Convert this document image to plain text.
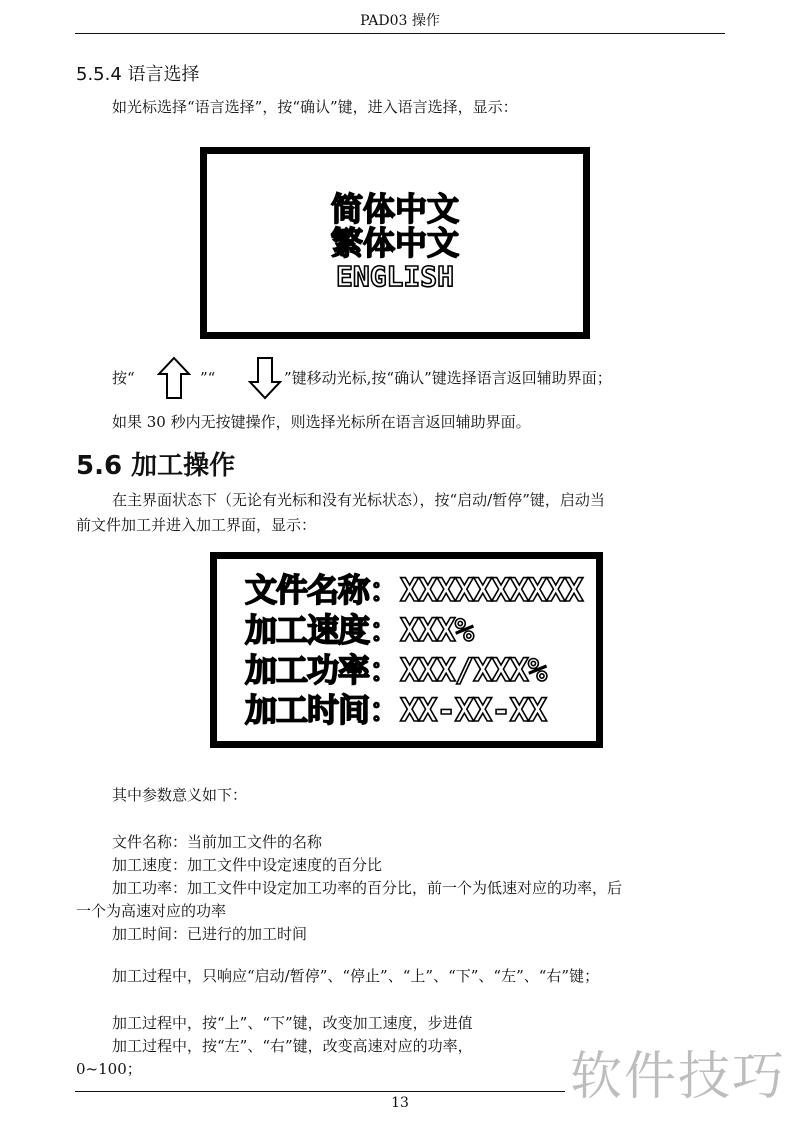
PAD03 操作
5.5.4 语言选择
如光标选择“语言选择”，按“确认”键，进入语言选择，显示：
简体中文
繁体中文
ENGLISH
按“	”“	”键移动光标,按“确认”键选择语言返回辅助界面；
如果 30 秒内无按键操作，则选择光标所在语言返回辅助界面。
5.6 加工操作
在主界面状态下（无论有光标和没有光标状态），按“启动/暂停”键，启动当
前文件加工并进入加工界面，显示：
文件名称：XXXXXXXXXX
加工速度：XXX%
加工功率：XXX/XXX%
加工时间：XX-XX-XX
其中参数意义如下：
文件名称：当前加工文件的名称
加工速度：加工文件中设定速度的百分比
加工功率：加工文件中设定加工功率的百分比，前一个为低速对应的功率，后
一个为高速对应的功率
加工时间：已进行的加工时间
加工过程中，只响应“启动/暂停”、“停止”、“上”、“下”、“左”、“右”键；
加工过程中，按“上”、“下”键，改变加工速度，步进值
加工过程中，按“左”、“右”键，改变高速对应的功率，
0~100；	软件技巧
13
